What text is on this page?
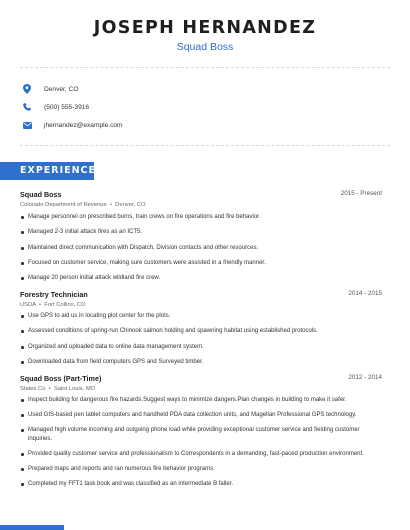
JOSEPH HERNANDEZ
Squad Boss
Denver, CO
(500) 555-3916
jhernandez@example.com
EXPERIENCE
Squad Boss	2015 - Present
Colorado Department of Revenue  •  Denver, CO
Manage personnel on prescribed burns, train crews on fire operations and fire behavior.
Managed 2-3 initial attack fires as an ICT5.
Maintained direct communication with Dispatch, Division contacts and other resources.
Focused on customer service, making sure customers were assisted in a friendly manner.
Manage 20 person initial attack wildland fire crew.
Forestry Technician	2014 - 2015
USDA  •  Fort Collins, CO
Use GPS to aid us in locating plot center for the plots.
Assessed conditions of spring-run Chinook salmon holding and spawning habitat using established protocols.
Organized and uploaded data to online data management system.
Downloaded data from field computers GPS and Surveyed timber.
Squad Boss (Part-Time)	2012 - 2014
States Co  •  Saint Louis, MO
Inspect building for dangerous fire hazards.Suggest ways to minimize dangers.Plan changes in building to make it safer.
Used GIS-based pen tablet computers and handheld PDA data collection units, and Magellan Professional GPS technology.
Managed high volume incoming and outgoing phone load while providing exceptional customer service and fielding customer inquiries.
Provided quality customer service and professionalism to Correspondents in a demanding, fast-paced production environment.
Prepared maps and reports and ran numerous fire behavior programs.
Completed my FFT1 task book and was classified as an intermediate B faller.
